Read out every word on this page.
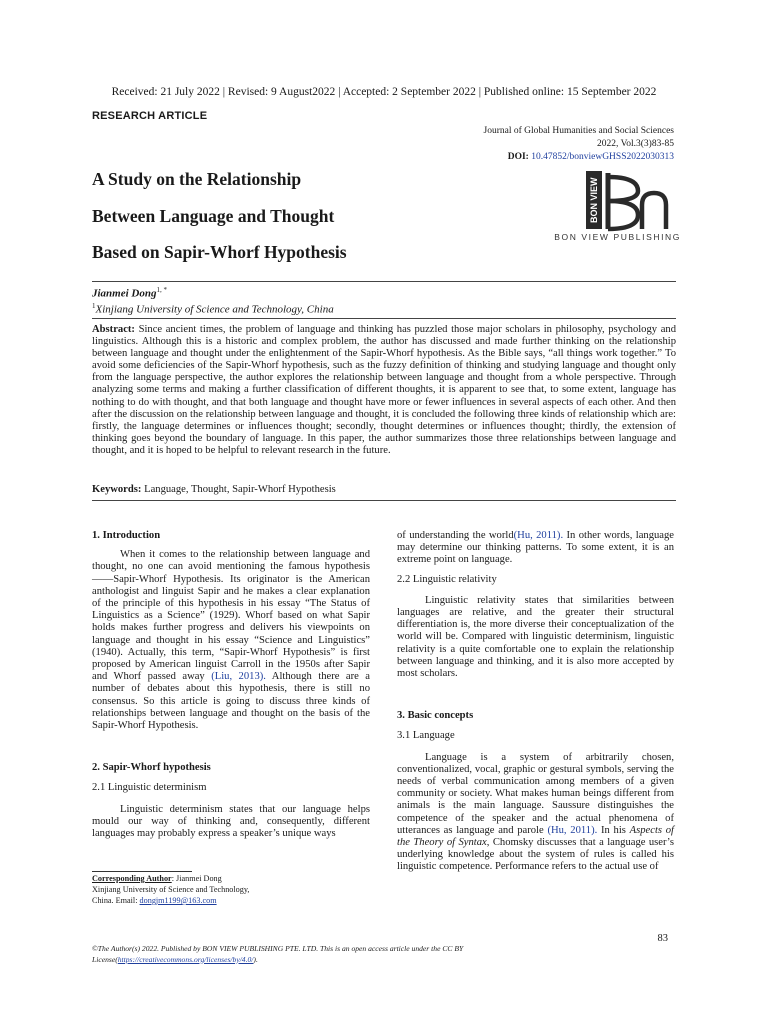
Received: 21 July 2022 | Revised: 9 August2022 | Accepted: 2 September 2022 | Published online: 15 September 2022
RESEARCH ARTICLE
Journal of Global Humanities and Social Sciences
2022, Vol.3(3)83-85
DOI: 10.47852/bonviewGHSS2022030313
A Study on the Relationship
Between Language and Thought
Based on Sapir-Whorf Hypothesis
BON VIEW
BON VIEW PUBLISHING
Jianmei Dong$^{1, *}$
$^1$Xinjiang University of Science and Technology, China
Abstract: Since ancient times, the problem of language and thinking has puzzled those major scholars in philosophy, psychology and linguistics. Although this is a historic and complex problem, the author has discussed and made further thinking on the relationship between language and thought under the enlightenment of the Sapir-Whorf hypothesis. As the Bible says, “all things work together.” To avoid some deficiencies of the Sapir-Whorf hypothesis, such as the fuzzy definition of thinking and studying language and thought only from the language perspective, the author explores the relationship between language and thought from a whole perspective. Through analyzing some terms and making a further classification of different thoughts, it is apparent to see that, to some extent, language has nothing to do with thought, and that both language and thought have more or fewer influences in several aspects of each other. And then after the discussion on the relationship between language and thought, it is concluded the following three kinds of relationship which are: firstly, the language determines or influences thought; secondly, thought determines or influences thought; thirdly, the extension of thinking goes beyond the boundary of language. In this paper, the author summarizes those three relationships between language and thought, and it is hoped to be helpful to relevant research in the future.
Keywords: Language, Thought, Sapir-Whorf Hypothesis

1. Introduction

When it comes to the relationship between language and thought, no one can avoid mentioning the famous hypothesis——Sapir-Whorf Hypothesis. Its originator is the American anthologist and linguist Sapir and he makes a clear explanation of the principle of this hypothesis in his essay “The Status of Linguistics as a Science” (1929). Whorf based on what Sapir holds makes further progress and delivers his viewpoints on language and thought in his essay “Science and Linguistics” (1940). Actually, this term, “Sapir-Whorf Hypothesis” is first proposed by American linguist Carroll in the 1950s after Sapir and Whorf passed away (Liu, 2013). Although there are a number of debates about this hypothesis, there is still no consensus. So this article is going to discuss three kinds of relationships between language and thought on the basis of the Sapir-Whorf Hypothesis.

2. Sapir-Whorf hypothesis

2.1 Linguistic determinism

Linguistic determinism states that our language helps mould our way of thinking and, consequently, different languages may probably express a speaker’s unique ways

of understanding the world(Hu, 2011). In other words, language may determine our thinking patterns. To some extent, it is an extreme point on language.

2.2 Linguistic relativity

Linguistic relativity states that similarities between languages are relative, and the greater their structural differentiation is, the more diverse their conceptualization of the world will be. Compared with linguistic determinism, linguistic relativity is a quite comfortable one to explain the relationship between language and thinking, and it is also more accepted by most scholars.

3. Basic concepts

3.1 Language

Language is a system of arbitrarily chosen, conventionalized, vocal, graphic or gestural symbols, serving the needs of verbal communication among members of a given community or society. What makes human beings different from animals is the main language. Saussure distinguishes the competence of the speaker and the actual phenomena of utterances as language and parole (Hu, 2011). In his Aspects of the Theory of Syntax, Chomsky discusses that a language user’s underlying knowledge about the system of rules is called his linguistic competence. Performance refers to the actual use of

Corresponding Author: Jianmei Dong
Xinjiang University of Science and Technology,
China. Email: dongjm1199@163.com
83
©The Author(s) 2022. Published by BON VIEW PUBLISHING PTE. LTD. This is an open access article under the CC BY License(https://creativecommons.org/licenses/by/4.0/).
